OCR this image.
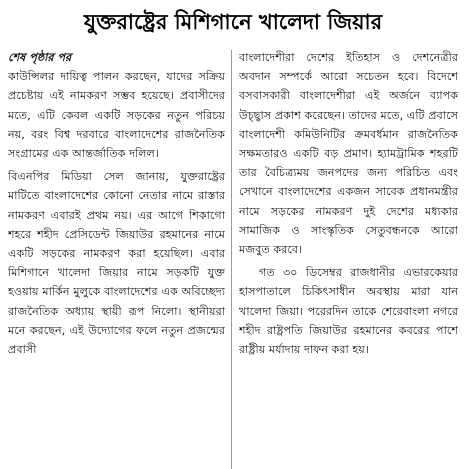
যুক্তরাষ্ট্রের মিশিগানে খালেদা জিয়ার
শেষ পৃষ্ঠার পর

কাউন্সিলর দায়িত্ব পালন করছেন, যাদের সক্রিয় প্রচেষ্টায় এই নামকরণ সম্ভব হয়েছে। প্রবাসীদের মতে, এটি কেবল একটি সড়কের নতুন পরিচয় নয়, বরং বিশ্ব দরবারে বাংলাদেশের রাজনৈতিক সংগ্রামের এক আন্তর্জাতিক দলিল।

বিএনপির মিডিয়া সেল জানায়, যুক্তরাষ্ট্রের মাটিতে বাংলাদেশের কোনো নেতার নামে রাস্তার নামকরণ এবারই প্রথম নয়। এর আগে শিকাগো শহরে শহীদ প্রেসিডেন্ট জিয়াউর রহমানের নামে একটি সড়কের নামকরণ করা হয়েছিল। এবার মিশিগানে খালেদা জিয়ার নামে সড়কটি যুক্ত হওয়ায় মার্কিন মুলুকে বাংলাদেশের এক অবিচ্ছেদ্য রাজনৈতিক অধ্যায় স্থায়ী রূপ নিলো। স্থানীয়রা মনে করছেন, এই উদ্যোগের ফলে নতুন প্রজন্মের প্রবাসী

বাংলাদেশীরা দেশের ইতিহাস ও দেশনেত্রীর অবদান সম্পর্কে আরো সচেতন হবে। বিদেশে বসবাসকারী বাংলাদেশীরা এই অর্জনে ব্যাপক উচ্ছ্বাস প্রকাশ করেছেন। তাদের মতে, এটি প্রবাসে বাংলাদেশী কমিউনিটির ক্রমবর্ধমান রাজনৈতিক সক্ষমতারও একটি বড় প্রমাণ। হ্যামট্রামিক শহরটি তার বৈচিত্র্যময় জনপদের জন্য পরিচিত এবং সেখানে বাংলাদেশের একজন সাবেক প্রধানমন্ত্রীর নামে সড়কের নামকরণ দুই দেশের মধ্যকার সামাজিক ও সাংস্কৃতিক সেতুবন্ধনকে আরো মজবুত করবে।

গত ৩০ ডিসেম্বর রাজধানীর এভারকেয়ার হাসপাতালে চিকিৎসাধীন অবস্থায় মারা যান খালেদা জিয়া। পরেরদিন তাকে শেরেবাংলা নগরে শহীদ রাষ্ট্রপতি জিয়াউর রহমানের কবরের পাশে রাষ্ট্রীয় মর্যাদায় দাফন করা হয়।
